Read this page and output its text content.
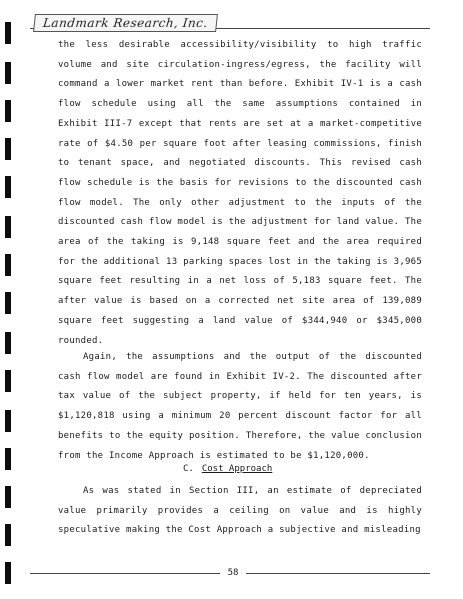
Landmark Research, Inc.
the less desirable accessibility/visibility to high traffic volume and site circulation-ingress/egress, the facility will command a lower market rent than before. Exhibit IV-1 is a cash flow schedule using all the same assumptions contained in Exhibit III-7 except that rents are set at a market-competitive rate of $4.50 per square foot after leasing commissions, finish to tenant space, and negotiated discounts. This revised cash flow schedule is the basis for revisions to the discounted cash flow model. The only other adjustment to the inputs of the discounted cash flow model is the adjustment for land value. The area of the taking is 9,148 square feet and the area required for the additional 13 parking spaces lost in the taking is 3,965 square feet resulting in a net loss of 5,183 square feet. The after value is based on a corrected net site area of 139,089 square feet suggesting a land value of $344,940 or $345,000 rounded.
Again, the assumptions and the output of the discounted cash flow model are found in Exhibit IV-2. The discounted after tax value of the subject property, if held for ten years, is $1,120,818 using a minimum 20 percent discount factor for all benefits to the equity position. Therefore, the value conclusion from the Income Approach is estimated to be $1,120,000.
C. Cost Approach
As was stated in Section III, an estimate of depreciated value primarily provides a ceiling on value and is highly speculative making the Cost Approach a subjective and misleading
58
